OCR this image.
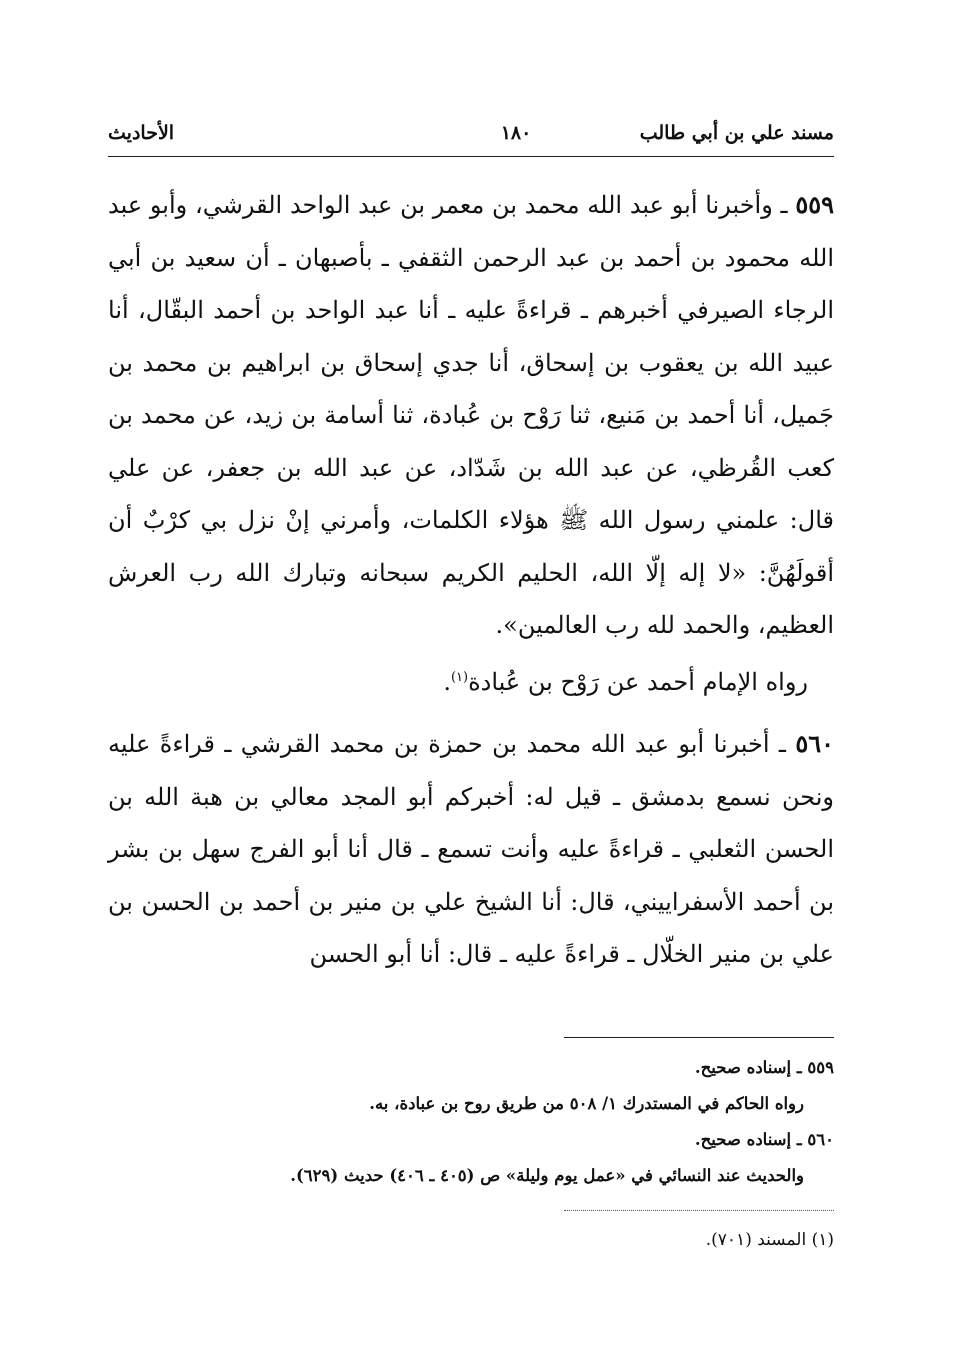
مسند علي بن أبي طالب
١٨٠
الأحاديث

٥٥٩ ـ وأخبرنا أبو عبد الله محمد بن معمر بن عبد الواحد القرشي، وأبو عبد الله محمود بن أحمد بن عبد الرحمن الثقفي ـ بأصبهان ـ أن سعيد بن أبي الرجاء الصيرفي أخبرهم ـ قراءةً عليه ـ أنا عبد الواحد بن أحمد البقّال، أنا عبيد الله بن يعقوب بن إسحاق، أنا جدي إسحاق بن ابراهيم بن محمد بن جَميل، أنا أحمد بن مَنيع، ثنا رَوْح بن عُبادة، ثنا أسامة بن زيد، عن محمد بن كعب القُرظي، عن عبد الله بن شَدّاد، عن عبد الله بن جعفر، عن علي قال: علمني رسول الله ﷺ هؤلاء الكلمات، وأمرني إنْ نزل بي كرْبٌ أن أقولَهُنَّ: «لا إله إلّا الله، الحليم الكريم سبحانه وتبارك الله رب العرش العظيم، والحمد لله رب العالمين».

رواه الإمام أحمد عن رَوْح بن عُبادة$^{(١)}$.

٥٦٠ ـ أخبرنا أبو عبد الله محمد بن حمزة بن محمد القرشي ـ قراءةً عليه ونحن نسمع بدمشق ـ قيل له: أخبركم أبو المجد معالي بن هبة الله بن الحسن الثعلبي ـ قراءةً عليه وأنت تسمع ـ قال أنا أبو الفرج سهل بن بشر بن أحمد الأسفراييني، قال: أنا الشيخ علي بن منير بن أحمد بن الحسن بن علي بن منير الخلّال ـ قراءةً عليه ـ قال: أنا أبو الحسن

٥٥٩ ـ إسناده صحيح.

رواه الحاكم في المستدرك ١/ ٥٠٨ من طريق روح بن عبادة، به.

٥٦٠ ـ إسناده صحيح.

والحديث عند النسائي في «عمل يوم وليلة» ص (٤٠٥ ـ ٤٠٦) حديث (٦٢٩).

(١) المسند (٧٠١).
